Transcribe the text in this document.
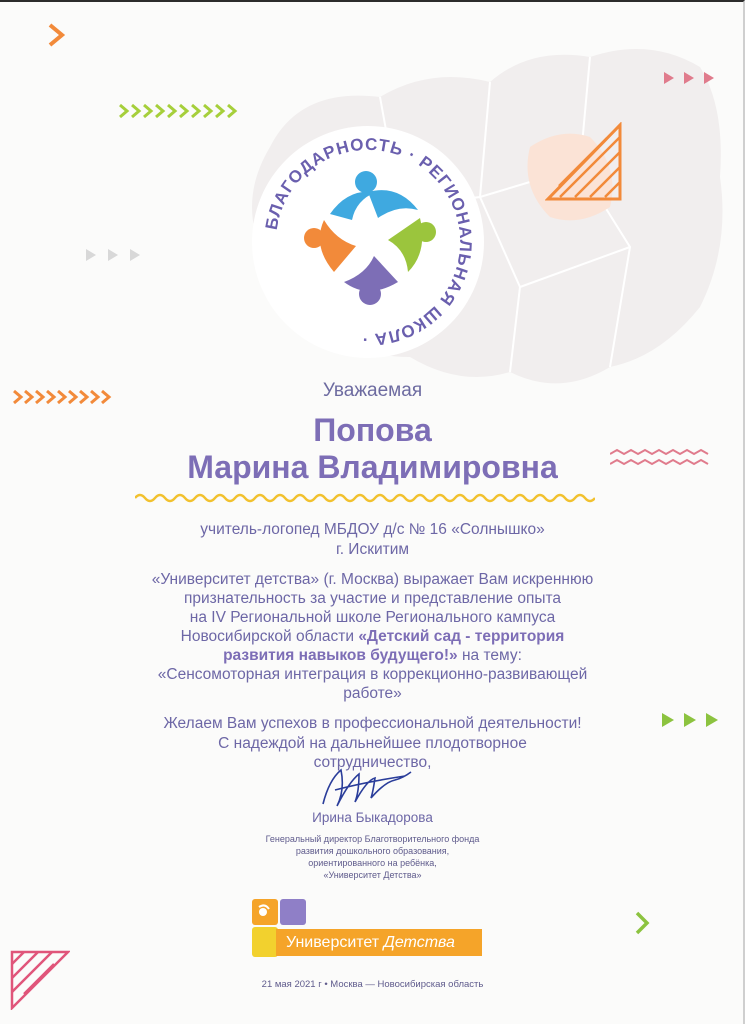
БЛАГОДАРНОСТЬ · РЕГИОНАЛЬНАЯ ШКОЛА ·
Уважаемая
Попова
Марина Владимировна
учитель-логопед МБДОУ д/с № 16 «Солнышко»
г. Искитим
«Университет детства» (г. Москва) выражает Вам искреннюю
признательность за участие и представление опыта
на IV Региональной школе Регионального кампуса
Новосибирской области «Детский сад - территория
развития навыков будущего!» на тему:
«Сенсомоторная интеграция в коррекционно-развивающей
работе»
Желаем Вам успехов в профессиональной деятельности!
С надеждой на дальнейшее плодотворное
сотрудничество,
Ирина Быкадорова
Генеральный директор Благотворительного фонда
развития дошкольного образования,
ориентированного на ребёнка,
«Университет Детства»
Университет Детства
21 мая 2021 г • Москва — Новосибирская область
